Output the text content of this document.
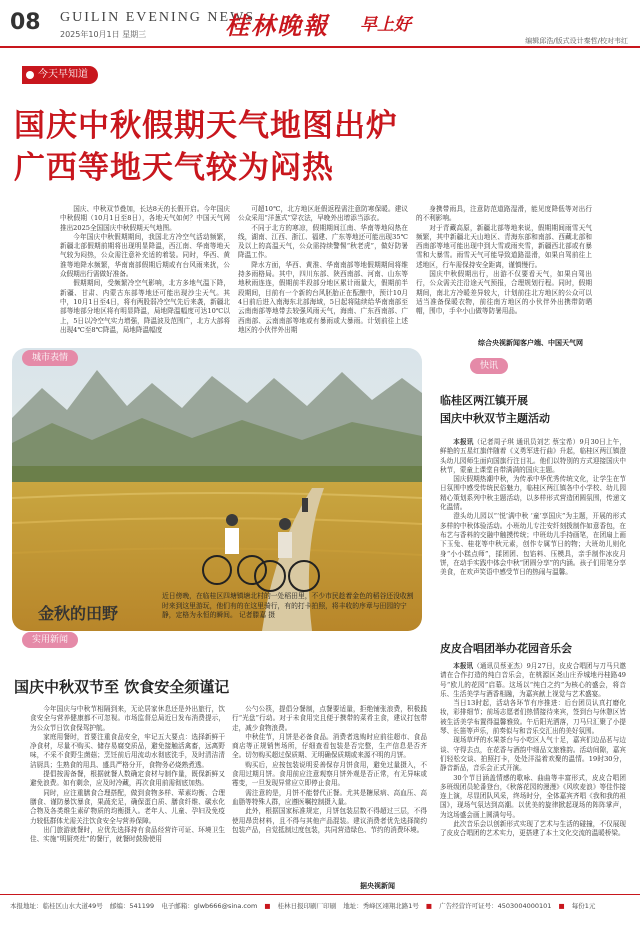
08 GUILIN EVENING NEWS
2025年10月1日 星期三	桂林晚報 早上好
编辑邱浩/版式设计秦哲/校对韦红
今天早知道
国庆中秋假期天气地图出炉
广西等地天气较为闷热

国庆、中秋双节叠加，长达8天的长假开启。今年国庆中秋假期（10月1日至8日），各地天气如何？中国天气网推出2025全国国庆中秋假期天气地图。

今年国庆中秋假期期间，我国北方冷空气活动频繁，新疆北部假期前期将出现明显降温，西江南、华南等地天气较为闷热，公众需注意补充适的着装。同时，华西、黄淮等地降水频繁，华南南部假期后期或有台风雨来扰，公众假期出行需做好准备。

假期期间，受频繁冷空气影响，北方多地气温下降，新疆、甘肃、内蒙古东部等地还可能出现沙尘天气。其中，10月1日至4日，将有两股弱冷空气先后来袭，新疆北部等地部分地区将有明显降温，局地降温幅度可达10℃以上，5日以冷空气实力增强，降温波及范围广，北方大部将出现4℃至8℃降温，局地降温幅度

可超10℃，北方地区赶假返程需注意防寒保暖。建议公众采用“洋葱式”穿衣法，早晚外出增添当添衣。

不同于北方的寒凉，假期期间江南、华南等地闷热在线，湖南、江西、浙江、福建、广东等地还可能出现35℃及以上的高温天气，公众需持续警惕“秋老虎”，做好防暑降温工作。

降水方面，华西、黄淮、华南南部等地假期期间将维持多雨格局。其中，四川东部、陕西南部、河南、山东等地秋雨连连，假期前半段部分地区累计雨量大，假期前半段期间，目前有一个新的台风胚胎正在酝酿中，预计10月4日前后进入南海东北部海域，5日起将陆续给华南南部至云南南部等地带去较强风雨天气，海南、广东西南部、广西南部、云南南部等地或有暴雨或大暴雨。计划前往上述地区的小伙伴外出期

身携带雨具，注意防范道路湿滑，能见度降低等对出行的不利影响。

对于青藏高原，新疆北部等地来说，假期期间雨雪天气频繁，其中新疆北天山地区、青海东部和南部、西藏北部和西南部等地可能出现中到大雪或雨夹雪，新疆西北部或有暴雪和大暴雪。雨雪天气可能导致道路湿滑，如果自驾前往上述地区，行车需保持安全距离，谨慎慢行。

国庆中秋假期出行，出游不仅要看天气，如果自驾出行，公众需关注沿途天气预报，合理规划行程。同时，假期期间，南北方冷暖差异较大，计划前往北方地区的公众可以适当准备保暖衣物，前往南方地区的小伙伴外出携带防晒帽，围巾，手伞小山做等防暑用品。

综合央视新闻客户端、中国天气网
城市表情
金秋的田野
近日傍晚，在临桂区四塘镇塘北村的一处稻田里，不少市民趁着金色的稻谷还没收割时来到这里游玩，他们有的在这里骑行，有的打卡拍照，将丰收的序章与田园的宁静，定格为永恒的瞬间。 记者滕嘉 摄
快讯
临桂区两江镇开展
国庆中秋双节主题活动

本报讯（记者周子琪 通讯员刘艺 蔡宝希）9月30日上午，鲜艳的五星红旗伴随着《义勇军进行曲》升起，临桂区两江镇澄头幼儿园师生面向国旗行注目礼。他们以特别的方式迎接国庆中秋节，蒙童上课堂自带满满的国庆主题。

国庆假期热潮中秋，为传承中华优秀传统文化，让学生在节日氛围中感受传统民俗魅力，临桂区两江镇各中小学校、幼儿园精心策划系列中秋主题活动，以多样形式营造团圆氛围，传递文化温情。

澄头幼儿园以“‘悦’满中秋 ‘童’享国庆”为主题，开展的形式多样的中秋体验活动。小班幼儿专注安纤刻拨制作如意香包，在布艺与香料的交融中触摸传统；中班幼儿手持画笔，在团扇上画下玉兔、桂花等中秋元素，创作专属节日的物；大班幼儿则化身“小小糕点师”，揉团团、包馅料、压模具，亲手制作冰皮月饼，在动手实践中体会中秋“团圆分享”的内涵。孩子们用笔分享美食，在欢声笑语中感受节日的热闹与温馨。

皮皮合唱团举办花园音乐会

本报讯（通讯员蔡亚杰）9月27日，皮皮合唱团与刀马只邀请在合作打造的纯白音乐会，在桃源区尧山庄乔城地丹桂路49号“欧儿的花园”启幕。这场以“纯白之约”为核心的盛会，将音乐、生活美学与酒香相融，为嘉宾献上视觉与艺术盛宴。

当日13时起，活动各环节有序推进：后台团员认真打磨化妆，彩排细节；前场志愿者们热情接待来宾，签到台与休憩区皆被生活美学布置得温馨雅致。午后阳光洒落，刀马只汇聚了小提琴、长笛等声乐，前奏似与和音乐交汇出的美好氛围。

现场草坪的水果茶台与小吃区人气十足，嘉宾们边品茗与边谈、守得去点，在花香与酒韵中细品文旅雅韵。活动间隙，嘉宾们轻松交谈、拍照打卡，处处洋溢着欢聚的温情。19时30分，静音新品，音乐会正式开演。

30个节目涵盖情感的歌咏、曲曲等丰富形式，皮皮合唱团多班级团员轮番登台，《秋落花园的漫漫》《风吹麦浪》等佳作接连上演，尽显团队风采，终场时分，全体嘉宾齐唱《我和我的祖国》，现场气氛达到高潮。以优美的旋律掀起现场的阵阵掌声，为这场盛会画上圆满句号。

此次音乐会以创新形式实现了艺术与生活的碰撞，不仅展现了皮皮合唱团的艺术实力，更搭建了本土文化交流的温暖桥梁。

实用新闻
国庆中秋双节至 饮食安全须谨记

今年国庆与中秋节相隔到来，无论居家休息还是外出旅行，饮食安全与营养健康都不可忽视。市场监督总局近日发布消费提示，为公众节日饮食保驾护航。

家庭用餐时，首要注重食品安全，牢记五大要点：选择新鲜干净食材，尽量不购买、储存易腐变质品，避免接触活禽畜，远离野味，不采不食野生菌菇；烹饪前后用流动水彻底洗手，及时清洁清洁厨具；生熟食的用具、盛具严格分开，食物务必烧熟煮透。

提倡按需备餐，根据就餐人数确定食材与制作量，既保新鲜又避免浪费。如有剩余，应及时冷藏，再次食用前需彻底加热。

同时，应注重膳食合理搭配，做到食物多样、荤素均衡、合理膳食、谨防暴饮暴食，果蔬充足，确保蛋白质、膳食纤维、碳水化合物及各类维生素矿物质的均衡摄入。老年人、儿童、孕妇及免疫力较低群体尤需关注饮食安全与营养保障。

出门旅游就餐时，应优先选择持有食品经营许可证、环境卫生佳、实施“明厨亮灶”的餐厅，就餐时鼓励使用

公勺公筷，提倡分餐制，点餐要适量，拒绝铺张浪费，积极践行“光盘”行动。对于未食用完且便于携带的菜肴主食，建议打包带走，减少食物浪费。

中秋佳节，月饼是必备食品。消费者选购时应前往超市、食品商店等正规销售场所，仔细查看包装是否完整，生产信息是否齐全。切勿购买超过保质期、无明确保质期或来源不明的月饼。

购买后，应按包装说明妥善保存月饼食用，避免过量摄入，不食用过期月饼。食用前应注意观察月饼外观是否正常，有无异味或霉变，一旦发现异常应立即停止食用。

需注意的是，月饼不能替代正餐。尤其是糖尿病、高血压、高血脂等特殊人群，应遵医嘱控制摄入量。

此外，根据国家标准规定，月饼包装层数不得超过三层，不得使用昂贵材料，且不得与其他产品混装。建议消费者优先选择简约包装产品，自觉抵制过度包装，共同营造绿色、节约的消费环境。

据央视新闻
本报地址：临桂区山水大道49号 邮编：541199 电子邮箱：glwb666@sina.com ■ 桂林日报印刷厂印刷 地址：秀峰区翊翔北路1号 ■ 广告经营许可证号：4503004000101 ■ 每份1元
